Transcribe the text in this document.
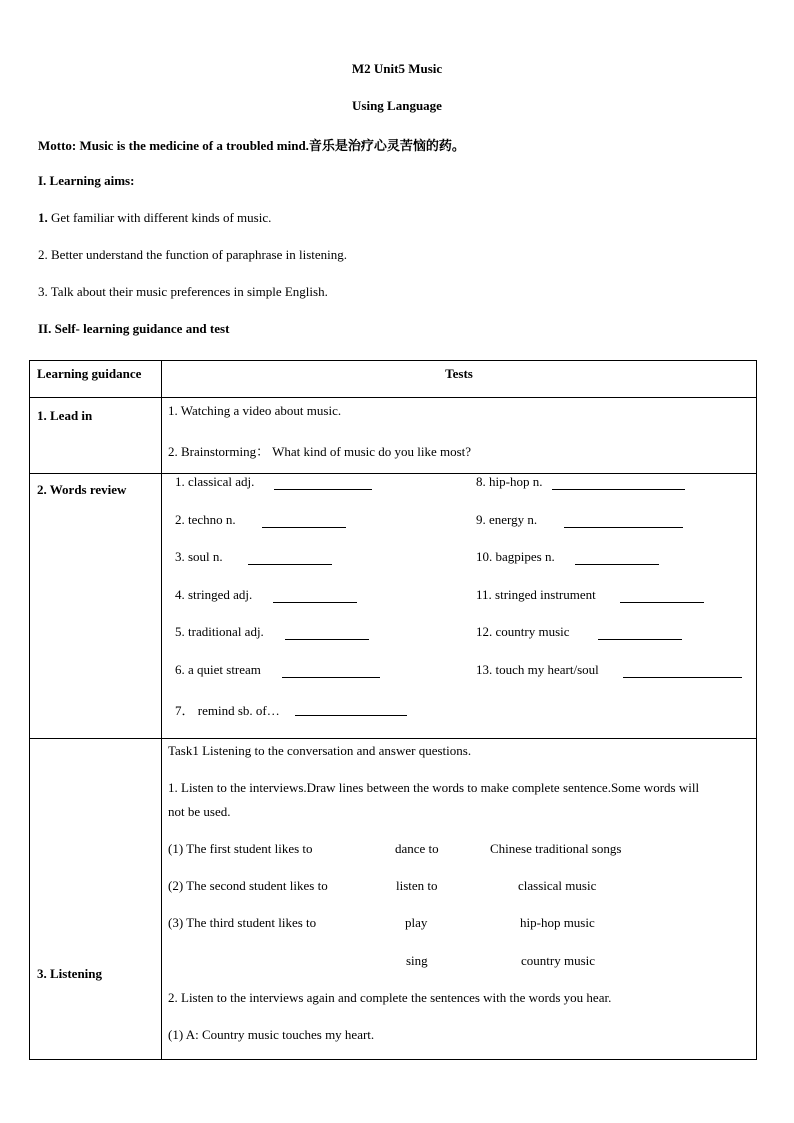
M2 Unit5 Music
Using Language
Motto: Music is the medicine of a troubled mind.音乐是治疗心灵苦恼的药。
I. Learning aims:
1. Get familiar with different kinds of music.
2. Better understand the function of paraphrase in listening.
3. Talk about their music preferences in simple English.
II. Self- learning guidance and test
Learning guidance	Tests
1. Lead in	1. Watching a video about music.
2. Brainstorming： What kind of music do you like most?
2. Words review
1. classical adj.
2. techno n.
3. soul n.
4. stringed adj.
5. traditional adj.
6. a quiet stream
7． remind sb. of…
8. hip-hop n.
9. energy n.
10. bagpipes n.
11. stringed instrument
12. country music
13. touch my heart/soul
3. Listening
Task1 Listening to the conversation and answer questions.
1. Listen to the interviews.Draw lines between the words to make complete sentence.Some words will
not be used.
(1) The first student likes to
(2) The second student likes to
(3) The third student likes to
dance to
listen to
play
sing
Chinese traditional songs
classical music
hip-hop music
country music
2. Listen to the interviews again and complete the sentences with the words you hear.
(1) A: Country music touches my heart.
